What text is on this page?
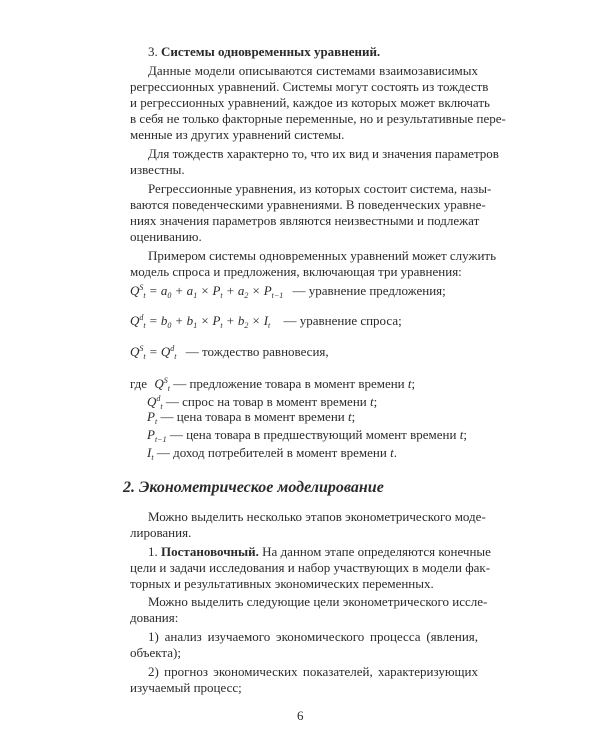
3. Системы одновременных уравнений.
Данные модели описываются системами взаимозависимых
регрессионных уравнений. Системы могут состоять из тождеств
и регрессионных уравнений, каждое из которых может включать
в себя не только факторные переменные, но и результативные пере-
менные из других уравнений системы.
Для тождеств характерно то, что их вид и значения параметров
известны.
Регрессионные уравнения, из которых состоит система, назы-
ваются поведенческими уравнениями. В поведенческих уравне-
ниях значения параметров являются неизвестными и подлежат
оцениванию.
Примером системы одновременных уравнений может служить
модель спроса и предложения, включающая три уравнения:
$Q^S_t = a_0 + a_1 \times P_t + a_2 \times P_{t-1}$ — уравнение предложения;
$Q^d_t = b_0 + b_1 \times P_t + b_2 \times I_t$ — уравнение спроса;
$Q^S_t = Q^d_t$ — тождество равновесия,
где $Q^S_t$ — предложение товара в момент времени t;
$Q^d_t$ — спрос на товар в момент времени t;
$P_t$ — цена товара в момент времени t;
$P_{t-1}$ — цена товара в предшествующий момент времени t;
$I_t$ — доход потребителей в момент времени t.
2. Эконометрическое моделирование
Можно выделить несколько этапов эконометрического моде-
лирования.
1. Постановочный. На данном этапе определяются конечные
цели и задачи исследования и набор участвующих в модели фак-
торных и результативных экономических переменных.
Можно выделить следующие цели эконометрического иссле-
дования:
1) анализ изучаемого экономического процесса (явления,
объекта);
2) прогноз экономических показателей, характеризующих
изучаемый процесс;
6
